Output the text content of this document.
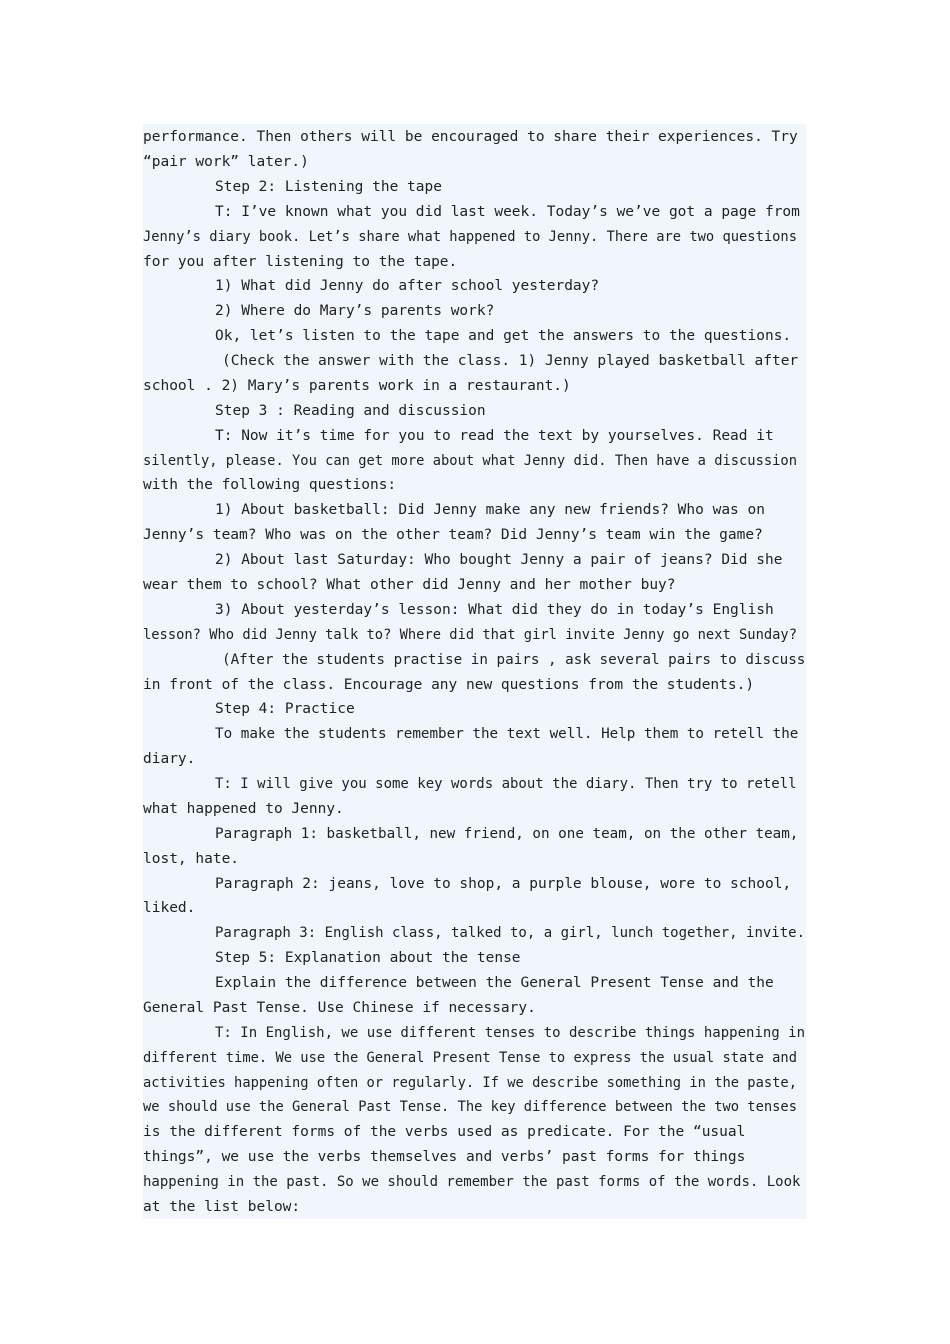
performance. Then others will be encouraged to share their experiences. Try
“pair work” later.)
Step 2: Listening the tape
T: I’ve known what you did last week. Today’s we’ve got a page from
Jenny’s diary book. Let’s share what happened to Jenny. There are two questions
for you after listening to the tape.
1) What did Jenny do after school yesterday?
2) Where do Mary’s parents work?
Ok, let’s listen to the tape and get the answers to the questions.
(Check the answer with the class. 1) Jenny played basketball after
school . 2) Mary’s parents work in a restaurant.)
Step 3 : Reading and discussion
T: Now it’s time for you to read the text by yourselves. Read it
silently, please. You can get more about what Jenny did. Then have a discussion
with the following questions:
1) About basketball: Did Jenny make any new friends? Who was on
Jenny’s team? Who was on the other team? Did Jenny’s team win the game?
2) About last Saturday: Who bought Jenny a pair of jeans? Did she
wear them to school? What other did Jenny and her mother buy?
3) About yesterday’s lesson: What did they do in today’s English
lesson? Who did Jenny talk to? Where did that girl invite Jenny go next Sunday?
(After the students practise in pairs , ask several pairs to discuss
in front of the class. Encourage any new questions from the students.)
Step 4: Practice
To make the students remember the text well. Help them to retell the
diary.
T: I will give you some key words about the diary. Then try to retell
what happened to Jenny.
Paragraph 1: basketball, new friend, on one team, on the other team,
lost, hate.
Paragraph 2: jeans, love to shop, a purple blouse, wore to school,
liked.
Paragraph 3: English class, talked to, a girl, lunch together, invite.
Step 5: Explanation about the tense
Explain the difference between the General Present Tense and the
General Past Tense. Use Chinese if necessary.
T: In English, we use different tenses to describe things happening in
different time. We use the General Present Tense to express the usual state and
activities happening often or regularly. If we describe something in the paste,
we should use the General Past Tense. The key difference between the two tenses
is the different forms of the verbs used as predicate. For the “usual
things”, we use the verbs themselves and verbs’ past forms for things
happening in the past. So we should remember the past forms of the words. Look
at the list below:
